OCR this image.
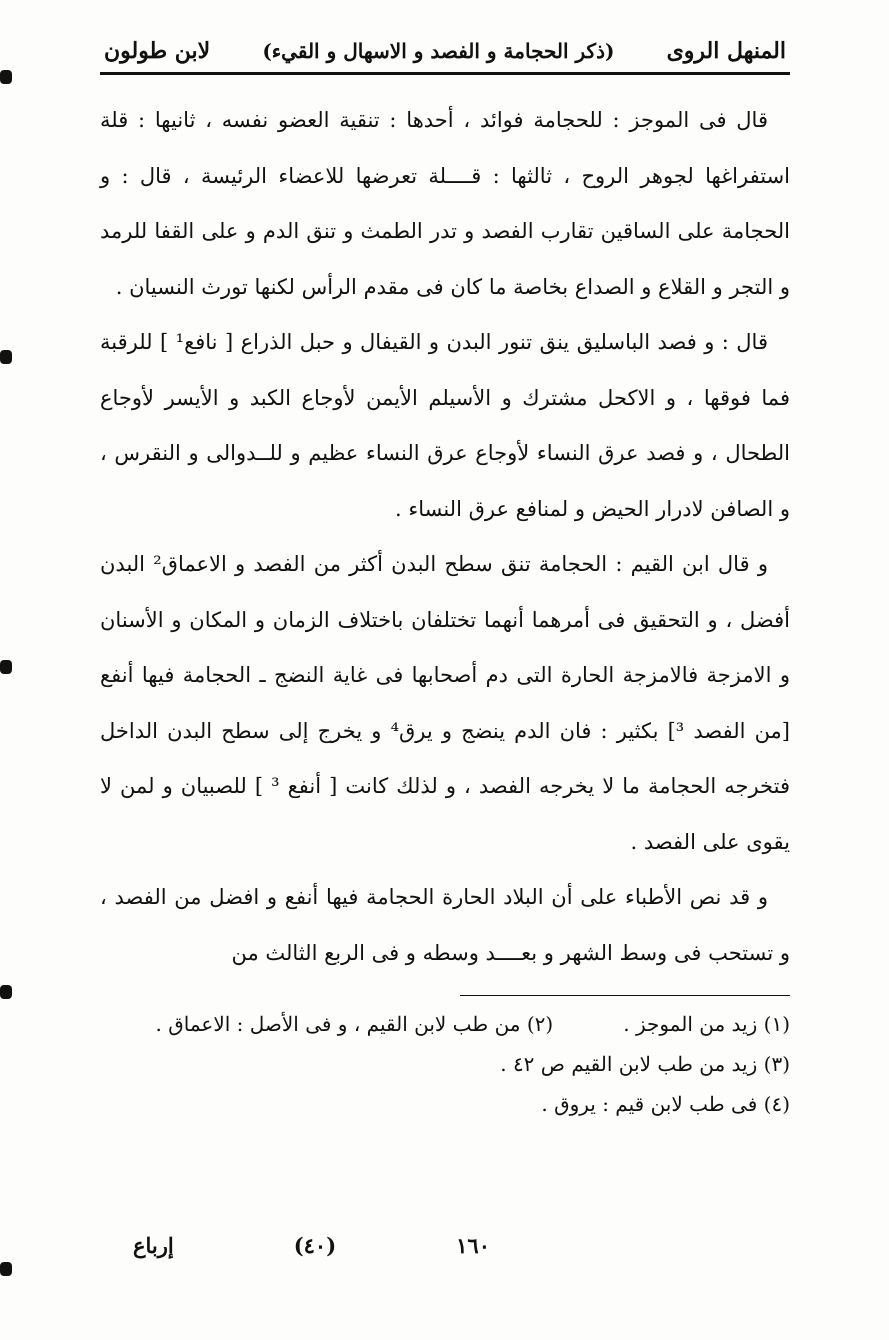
المنهل الروى
(ذكر الحجامة و الفصد و الاسهال و القيء)
لابن طولون

قال فى الموجز : للحجامة فوائد ، أحدها : تنقية العضو نفسه ، ثانيها : قلة استفراغها لجوهر الروح ، ثالثها : قــــلة تعرضها للاعضاء الرئيسة ، قال : و الحجامة على الساقين تقارب الفصد و تدر الطمث و تنق الدم و على القفا للرمد و التجر و القلاع و الصداع بخاصة ما كان فى مقدم الرأس لكنها تورث النسيان .

قال : و فصد الباسليق ينق تنور البدن و القيفال و حبل الذراع [ نافع¹ ] للرقبة فما فوقها ، و الاكحل مشترك و الأسيلم الأيمن لأوجاع الكبد و الأيسر لأوجاع الطحال ، و فصد عرق النساء لأوجاع عرق النساء عظيم و للــدوالى و النقرس ، و الصافن لادرار الحيض و لمنافع عرق النساء .

و قال ابن القيم : الحجامة تنق سطح البدن أكثر من الفصد و الاعماق² البدن أفضل ، و التحقيق فى أمرهما أنهما تختلفان باختلاف الزمان و المكان و الأسنان و الامزجة فالامزجة الحارة التى دم أصحابها فى غاية النضج ـ الحجامة فيها أنفع [من الفصد ³] بكثير : فان الدم ينضج و يرق⁴ و يخرج إلى سطح البدن الداخل فتخرجه الحجامة ما لا يخرجه الفصد ، و لذلك كانت [ أنفع ³ ] للصبيان و لمن لا يقوى على الفصد .

و قد نص الأطباء على أن البلاد الحارة الحجامة فيها أنفع و افضل من الفصد ، و تستحب فى وسط الشهر و بعــــد وسطه و فى الربع الثالث من

(١) زيد من الموجز .
(٢) من طب لابن القيم ، و فى الأصل : الاعماق .
(٣) زيد من طب لابن القيم ص ٤٢ .
(٤) فى طب لابن قيم : يروق .
١٦٠
(٤٠)
إرباع
